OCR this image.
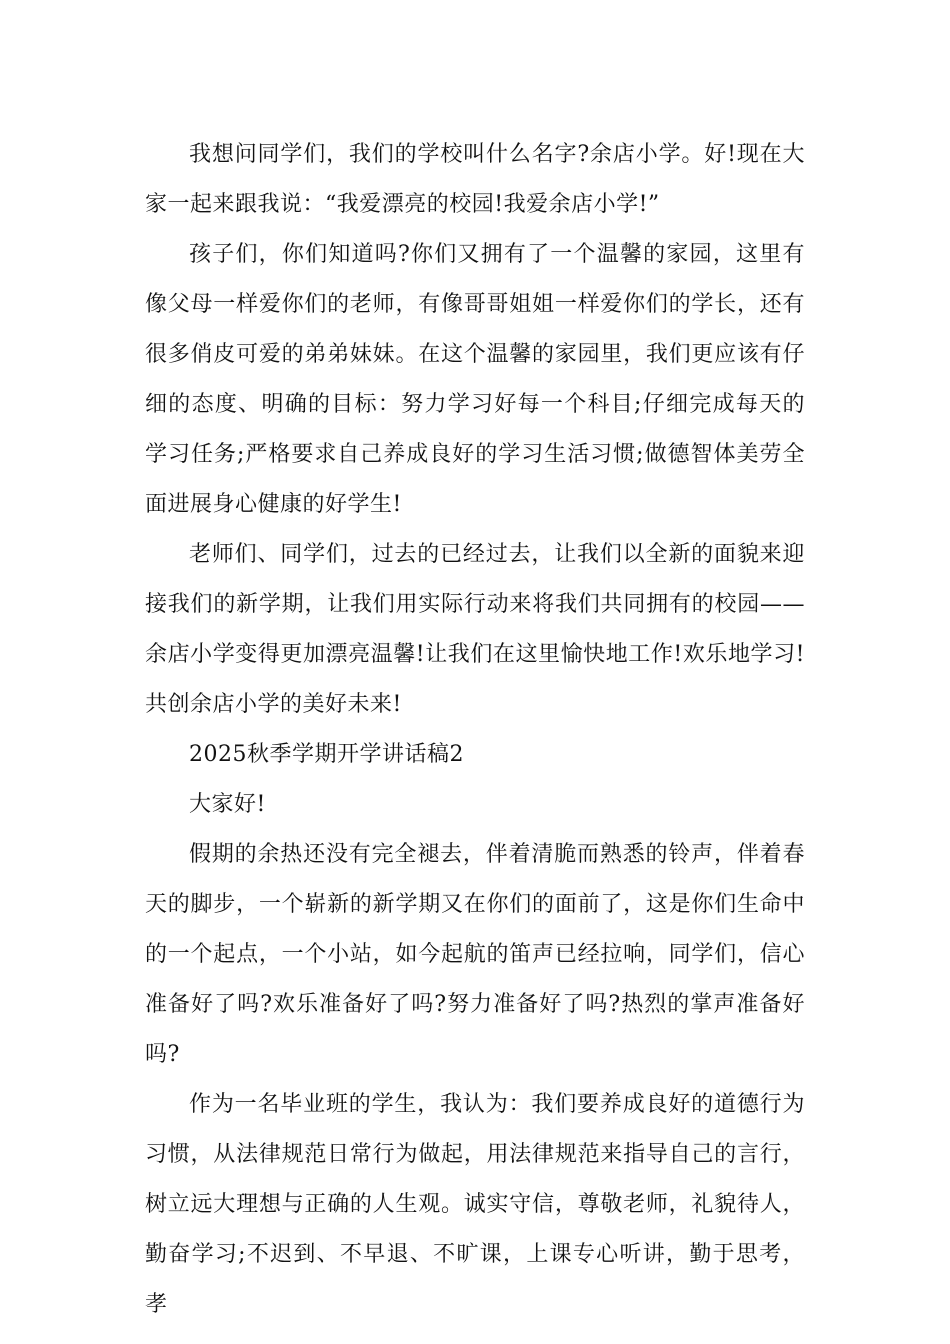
我想问同学们，我们的学校叫什么名字?余店小学。好!现在大家一起来跟我说：“我爱漂亮的校园!我爱余店小学!”

孩子们，你们知道吗?你们又拥有了一个温馨的家园，这里有像父母一样爱你们的老师，有像哥哥姐姐一样爱你们的学长，还有很多俏皮可爱的弟弟妹妹。在这个温馨的家园里，我们更应该有仔细的态度、明确的目标：努力学习好每一个科目;仔细完成每天的学习任务;严格要求自己养成良好的学习生活习惯;做德智体美劳全面进展身心健康的好学生!

老师们、同学们，过去的已经过去，让我们以全新的面貌来迎接我们的新学期，让我们用实际行动来将我们共同拥有的校园——余店小学变得更加漂亮温馨!让我们在这里愉快地工作!欢乐地学习!共创余店小学的美好未来!

2025秋季学期开学讲话稿2

大家好!

假期的余热还没有完全褪去，伴着清脆而熟悉的铃声，伴着春天的脚步，一个崭新的新学期又在你们的面前了，这是你们生命中的一个起点，一个小站，如今起航的笛声已经拉响，同学们，信心准备好了吗?欢乐准备好了吗?努力准备好了吗?热烈的掌声准备好吗?

作为一名毕业班的学生，我认为：我们要养成良好的道德行为习惯，从法律规范日常行为做起，用法律规范来指导自己的言行，树立远大理想与正确的人生观。诚实守信，尊敬老师，礼貌待人，勤奋学习;不迟到、不早退、不旷课，上课专心听讲，勤于思考，孝
